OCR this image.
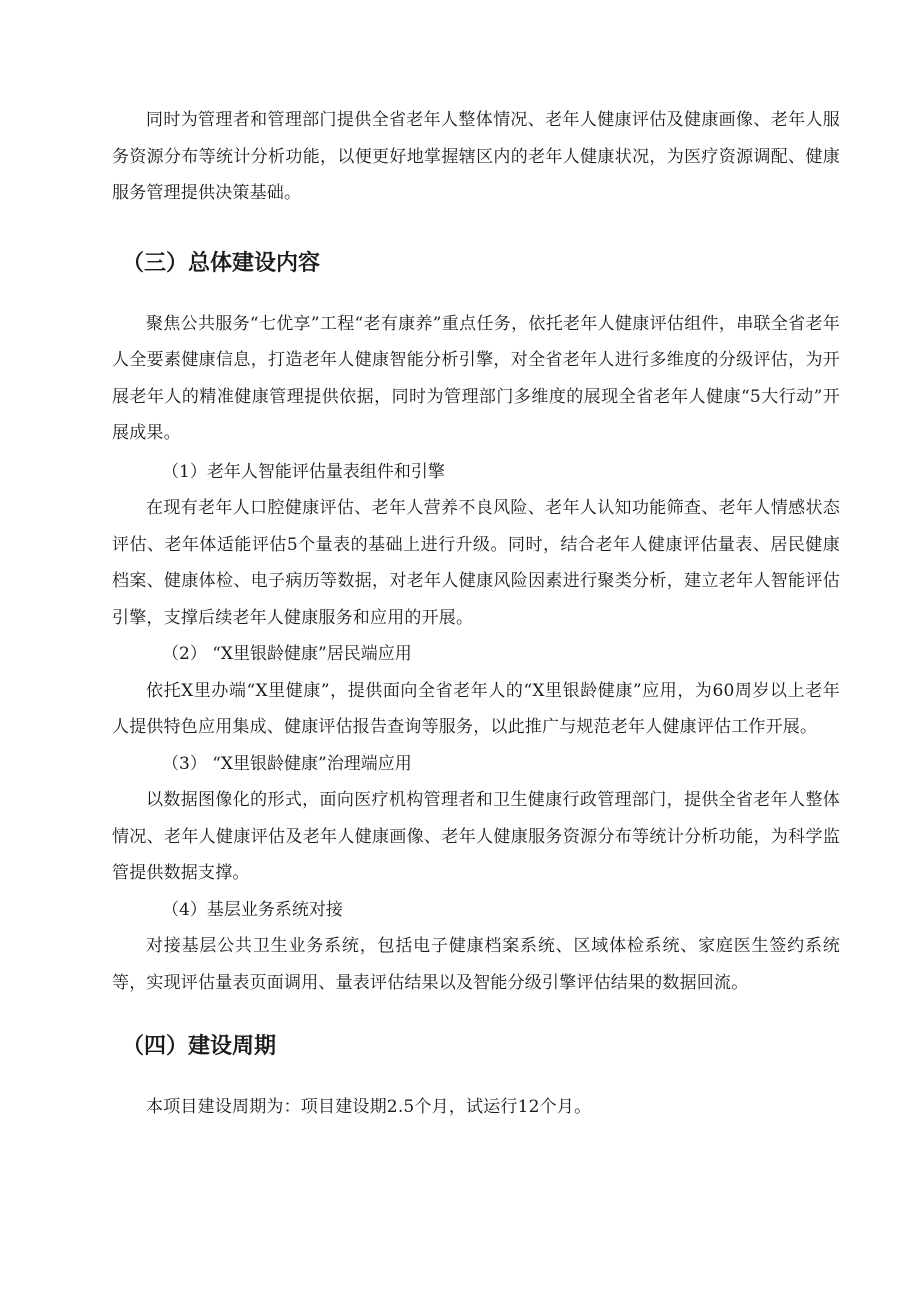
同时为管理者和管理部门提供全省老年人整体情况、老年人健康评估及健康画像、老年人服务资源分布等统计分析功能，以便更好地掌握辖区内的老年人健康状况，为医疗资源调配、健康服务管理提供决策基础。

（三）总体建设内容

聚焦公共服务“七优享”工程“老有康养”重点任务，依托老年人健康评估组件，串联全省老年人全要素健康信息，打造老年人健康智能分析引擎，对全省老年人进行多维度的分级评估，为开展老年人的精准健康管理提供依据，同时为管理部门多维度的展现全省老年人健康“5大行动”开展成果。

（1）老年人智能评估量表组件和引擎

在现有老年人口腔健康评估、老年人营养不良风险、老年人认知功能筛查、老年人情感状态评估、老年体适能评估5个量表的基础上进行升级。同时，结合老年人健康评估量表、居民健康档案、健康体检、电子病历等数据，对老年人健康风险因素进行聚类分析，建立老年人智能评估引擎，支撑后续老年人健康服务和应用的开展。

（2） “X里银龄健康”居民端应用

依托X里办端“X里健康”，提供面向全省老年人的“X里银龄健康”应用，为60周岁以上老年人提供特色应用集成、健康评估报告查询等服务，以此推广与规范老年人健康评估工作开展。

（3） “X里银龄健康”治理端应用

以数据图像化的形式，面向医疗机构管理者和卫生健康行政管理部门，提供全省老年人整体情况、老年人健康评估及老年人健康画像、老年人健康服务资源分布等统计分析功能，为科学监管提供数据支撑。

（4）基层业务系统对接

对接基层公共卫生业务系统，包括电子健康档案系统、区域体检系统、家庭医生签约系统等，实现评估量表页面调用、量表评估结果以及智能分级引擎评估结果的数据回流。

（四）建设周期

本项目建设周期为：项目建设期2.5个月，试运行12个月。
